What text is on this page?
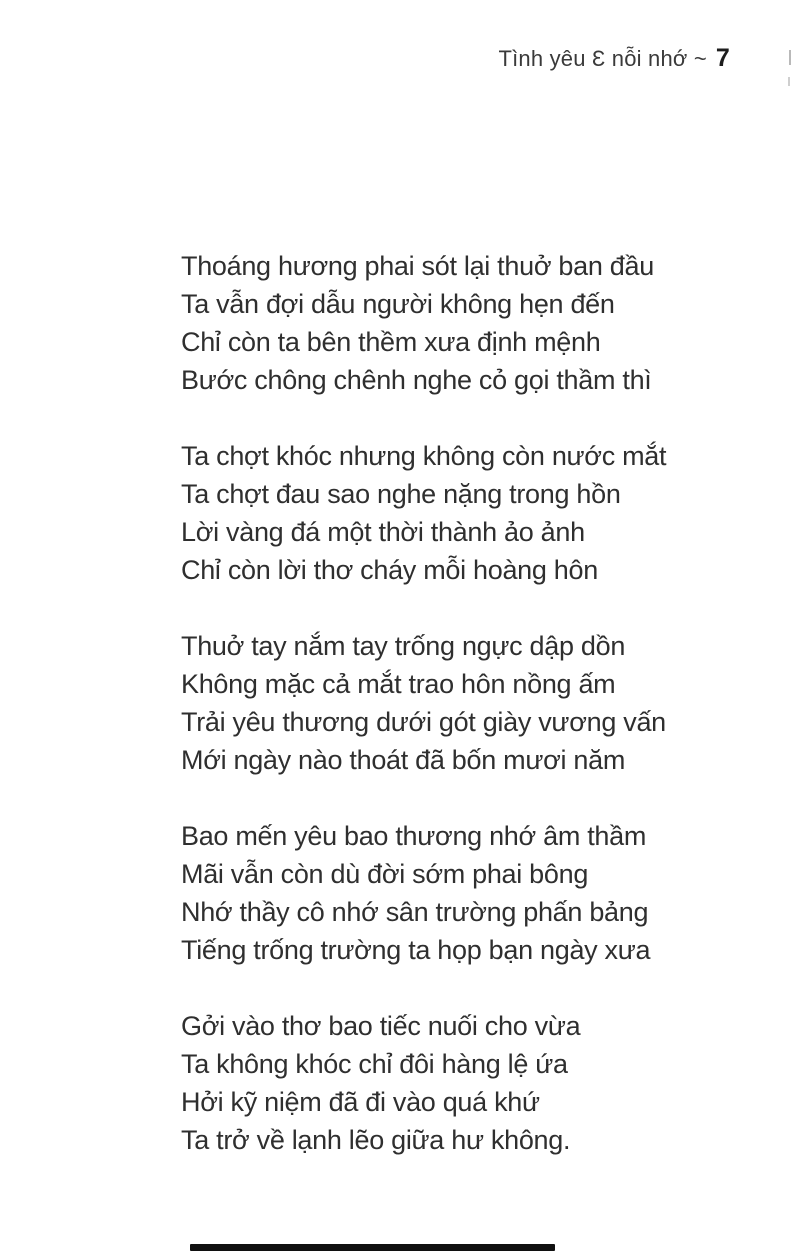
Tình yêu Ɛ nỗi nhớ ~ 7

Thoáng hương phai sót lại thuở ban đầu

Ta vẫn đợi dẫu người không hẹn đến

Chỉ còn ta bên thềm xưa định mệnh

Bước chông chênh nghe cỏ gọi thầm thì

Ta chợt khóc nhưng không còn nước mắt

Ta chợt đau sao nghe nặng trong hồn

Lời vàng đá một thời thành ảo ảnh

Chỉ còn lời thơ cháy mỗi hoàng hôn

Thuở tay nắm tay trống ngực dập dồn

Không mặc cả mắt trao hôn nồng ấm

Trải yêu thương dưới gót giày vương vấn

Mới ngày nào thoát đã bốn mươi năm

Bao mến yêu bao thương nhớ âm thầm

Mãi vẫn còn dù đời sớm phai bông

Nhớ thầy cô nhớ sân trường phấn bảng

Tiếng trống trường ta họp bạn ngày xưa

Gởi vào thơ bao tiếc nuối cho vừa

Ta không khóc chỉ đôi hàng lệ ứa

Hởi kỹ niệm đã đi vào quá khứ

Ta trở về lạnh lẽo giữa hư không.
